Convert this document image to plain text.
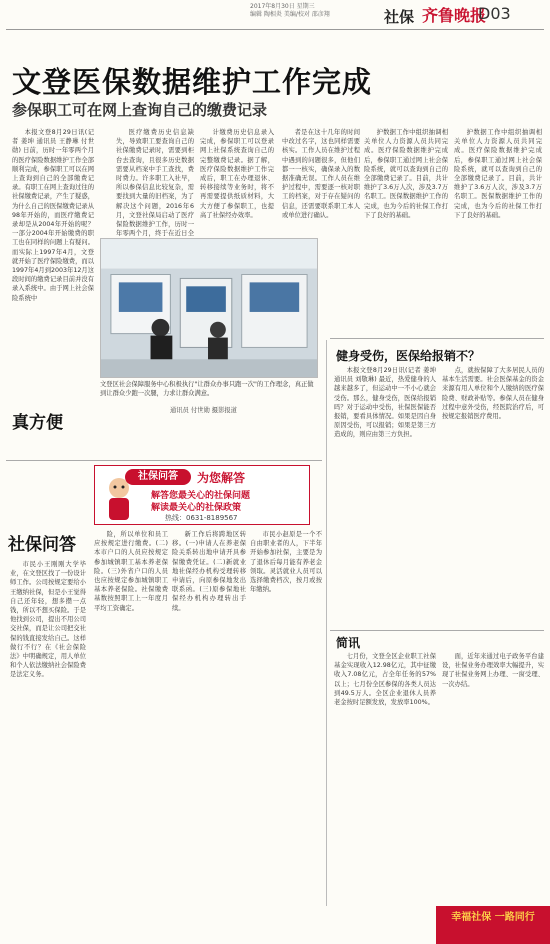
2017年8月30日 星期三
编辑 陶相炎 美编/校对 邵彦翔	社保 齐鲁晚报
D03
文登医保数据维护工作完成
参保职工可在网上查询自己的缴费记录

本报文登8月29日讯(记者 姜坤 通讯员 王静琳 付世勋) 日前，历时一年零两个月的医疗保险数据维护工作全部顺利完成，参保职工可以在网上查询到自己的全部缴费记录。有职工在网上查询过往的社保缴费记录，产生了疑惑，为什么自己的医保缴费记录从98年开始的，而医疗缴费记录却是从2004年开始的呢？一部分2004年开始缴费的职工也在同样的问题上有疑问。而实际上1997年4月，文登就开始了医疗保险缴费，而以1997年4月到2003年12月这段时间的缴费记录目前并没有录入系统中。由于网上社会保险系统中

医疗缴费历史信息缺失，导致职工要查询自己的社保缴费记录时，需要到柜台去查询，且很多历史数据需要从档案中手工查找，费时费力。许多职工入社早，所以参保信息比较复杂，需要找到大量的旧档案，为了解决这个问题，2016年6月，文登社保局启动了医疗保险数据维护工作，历时一年零两个月，终于在近日全

计缴费历史信息录入完成，参保职工可以登录网上社保系统查询自己的完整缴费记录。据了解，医疗保险数据维护工作完成后，职工在办理退休、转移接续等业务时，将不再需要提供纸质材料，大大方便了参保职工，也提高了社保经办效率。

者是在这十几年的时间中改过名字，这也同样需要核实。工作人员在维护过程中遇到的问题很多，但他们都一一核实，确保录入的数据准确无误。工作人员在维护过程中，需要逐一核对职工的档案，对于存在疑问的信息，还需要联系职工本人或单位进行确认。

护数据工作中组织抽调相关单位人力资源人员共同完成。医疗保险数据维护完成后，参保职工通过网上社会保险系统，就可以查询到自己的全部缴费记录了。目前，共计维护了3.6万人次，涉及3.7万名职工。医保数据维护工作的完成，也为今后的社保工作打下了良好的基础。

护数据工作中组织抽调相关单位人力资源人员共同完成。医疗保险数据维护完成后，参保职工通过网上社会保险系统，就可以查询到自己的全部缴费记录了。目前，共计维护了3.6万人次，涉及3.7万名职工。医保数据维护工作的完成，也为今后的社保工作打下了良好的基础。

文登区社会保障服务中心积极执行"让群众办事只跑一次"的工作理念，真正做到让群众少跑一次腿，力求让群众满意。
通讯员 付世勋 摄影报道
真方便
社保问答	为您解答
解答您最关心的社保问题
解读最关心的社保政策
热线：0631-8189567
社保问答

市民小王刚刚大学毕业，在文登区找了一份设计师工作。公司按规定要给小王缴纳社保，但是小王觉得自己还年轻，想多攒一点钱，所以不想买保险。于是他找到公司，提出不用公司交社保，而是让公司把交社保的钱直接发给自己。这样做行不行？在《社会保险法》中明确规定，用人单位和个人依法缴纳社会保险费是法定义务。

险，所以单位和员工应按规定进行缴费。(二)本市户口的人员应按规定参加城镇职工基本养老保险。(三)外省户口的人员也应按规定参加城镇职工基本养老保险。社保缴费基数按照职工上一年度月平均工资确定。

新工作后将跨地区转移。(一)申请人在养老保险关系转出地申请开具参保缴费凭证。(二)新就业地社保经办机构受理转移申请后，向原参保地发出联系函。(三)原参保地社保经办机构办理转出手续。

市民小赵原是一个不自由职业者的人，下半年开始参加社保，主要是为了退休后每月能有养老金领取。灵活就业人员可以选择缴费档次，按月或按年缴纳。

健身受伤，医保给报销不？

本报文登8月29日讯(记者 姜坤 通讯员 刘敬琳) 最近，热爱健身的人越来越多了，但运动中一不小心就会受伤。那么，健身受伤，医保给报销吗？对于运动中受伤，社保医保能否报销，要看具体情况。如果是因自身原因受伤，可以报销；如果是第三方造成的，则应由第三方负担。

点，就按保障了大多居民人员的基本生活需要。社会医保基金的资金来源有用人单位和个人缴纳的医疗保险费、财政补贴等。参保人员在健身过程中意外受伤，经医院治疗后，可按规定报销医疗费用。

简讯

七月份，文登全区企业职工社保基金实现收入12.98亿元，其中征缴收入7.08亿元，占全年任务的57%以上；七月份全区参保的各类人员达到49.5万人。全区企业退休人员养老金按时足额发放，发放率100%。

面，近年来通过电子政务平台建设，社保业务办理效率大幅提升，实现了社保业务网上办理、一窗受理、一次办结。

幸福社保 一路同行
